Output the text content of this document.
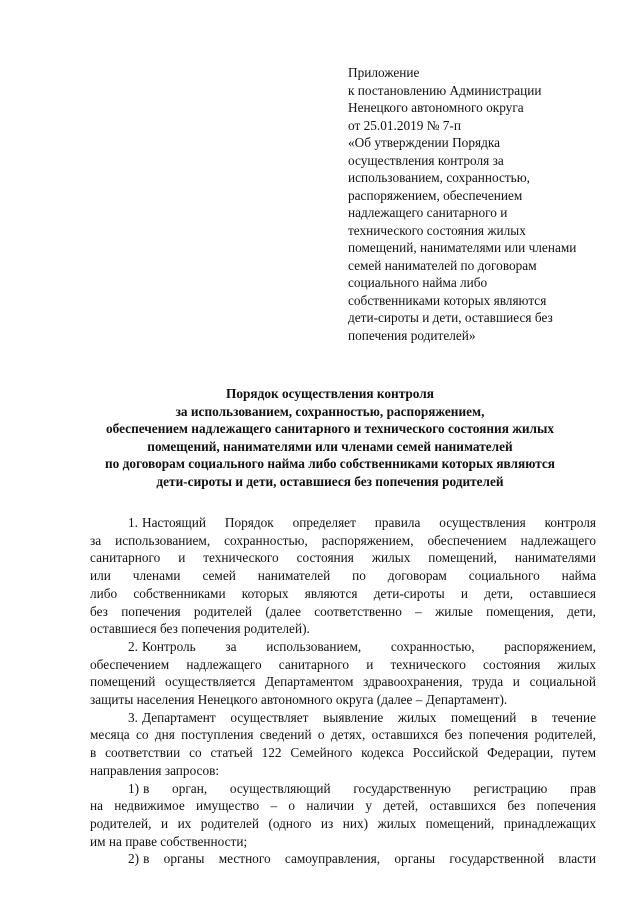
Приложение
к постановлению Администрации
Ненецкого автономного округа
от 25.01.2019 № 7-п
«Об утверждении Порядка
осуществления контроля за
использованием, сохранностью,
распоряжением, обеспечением
надлежащего санитарного и
технического состояния жилых
помещений, нанимателями или членами
семей нанимателей по договорам
социального найма либо
собственниками которых являются
дети-сироты и дети, оставшиеся без
попечения родителей»
Порядок осуществления контроля
за использованием, сохранностью, распоряжением,
обеспечением надлежащего санитарного и технического состояния жилых
помещений, нанимателями или членами семей нанимателей
по договорам социального найма либо собственниками которых являются
дети-сироты и дети, оставшиеся без попечения родителей
1. Настоящий Порядок определяет правила осуществления контроля
за использованием, сохранностью, распоряжением, обеспечением надлежащего
санитарного и технического состояния жилых помещений, нанимателями
или членами семей нанимателей по договорам социального найма
либо собственниками которых являются дети-сироты и дети, оставшиеся
без попечения родителей (далее соответственно – жилые помещения, дети,
оставшиеся без попечения родителей).
2. Контроль за использованием, сохранностью, распоряжением,
обеспечением надлежащего санитарного и технического состояния жилых
помещений осуществляется Департаментом здравоохранения, труда и социальной
защиты населения Ненецкого автономного округа (далее – Департамент).
3. Департамент осуществляет выявление жилых помещений в течение
месяца со дня поступления сведений о детях, оставшихся без попечения родителей,
в соответствии со статьей 122 Семейного кодекса Российской Федерации, путем
направления запросов:
1) в орган, осуществляющий государственную регистрацию прав
на недвижимое имущество – о наличии у детей, оставшихся без попечения
родителей, и их родителей (одного из них) жилых помещений, принадлежащих
им на праве собственности;
2) в органы местного самоуправления, органы государственной власти
